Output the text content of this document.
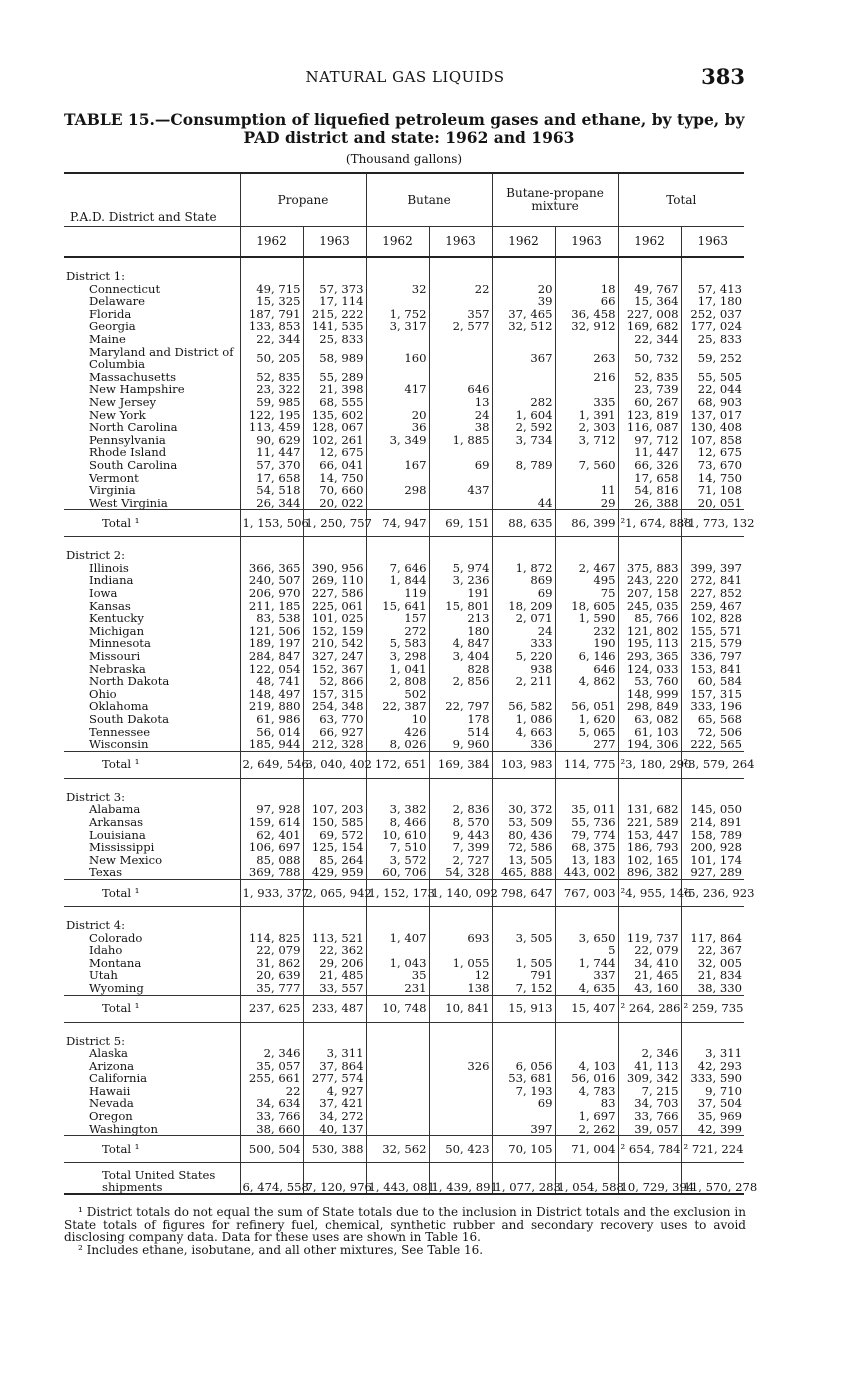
NATURAL GAS LIQUIDS	383
TABLE 15.—Consumption of liquefied petroleum gases and ethane, by type, by
PAD district and state: 1962 and 1963
(Thousand gallons)
P.A.D. District and State	Propane		Butane		Butane-propane mixture		Total	
	1962	1963	1962	1963	1962	1963	1962	1963

District 1:								
Connecticut	49, 715	57, 373	32	22	20	18	49, 767	57, 413
Delaware	15, 325	17, 114			39	66	15, 364	17, 180
Florida	187, 791	215, 222	1, 752	357	37, 465	36, 458	227, 008	252, 037
Georgia	133, 853	141, 535	3, 317	2, 577	32, 512	32, 912	169, 682	177, 024
Maine	22, 344	25, 833					22, 344	25, 833
Maryland and District of Columbia	50, 205	58, 989	160		367	263	50, 732	59, 252
Massachusetts	52, 835	55, 289				216	52, 835	55, 505
New Hampshire	23, 322	21, 398	417	646			23, 739	22, 044
New Jersey	59, 985	68, 555		13	282	335	60, 267	68, 903
New York	122, 195	135, 602	20	24	1, 604	1, 391	123, 819	137, 017
North Carolina	113, 459	128, 067	36	38	2, 592	2, 303	116, 087	130, 408
Pennsylvania	90, 629	102, 261	3, 349	1, 885	3, 734	3, 712	97, 712	107, 858
Rhode Island	11, 447	12, 675					11, 447	12, 675
South Carolina	57, 370	66, 041	167	69	8, 789	7, 560	66, 326	73, 670
Vermont	17, 658	14, 750					17, 658	14, 750
Virginia	54, 518	70, 660	298	437		11	54, 816	71, 108
West Virginia	26, 344	20, 022			44	29	26, 388	20, 051
Total ¹	1, 153, 506	1, 250, 757	74, 947	69, 151	88, 635	86, 399	²1, 674, 888	²1, 773, 132

District 2:								
Illinois	366, 365	390, 956	7, 646	5, 974	1, 872	2, 467	375, 883	399, 397
Indiana	240, 507	269, 110	1, 844	3, 236	869	495	243, 220	272, 841
Iowa	206, 970	227, 586	119	191	69	75	207, 158	227, 852
Kansas	211, 185	225, 061	15, 641	15, 801	18, 209	18, 605	245, 035	259, 467
Kentucky	83, 538	101, 025	157	213	2, 071	1, 590	85, 766	102, 828
Michigan	121, 506	152, 159	272	180	24	232	121, 802	155, 571
Minnesota	189, 197	210, 542	5, 583	4, 847	333	190	195, 113	215, 579
Missouri	284, 847	327, 247	3, 298	3, 404	5, 220	6, 146	293, 365	336, 797
Nebraska	122, 054	152, 367	1, 041	828	938	646	124, 033	153, 841
North Dakota	48, 741	52, 866	2, 808	2, 856	2, 211	4, 862	53, 760	60, 584
Ohio	148, 497	157, 315	502				148, 999	157, 315
Oklahoma	219, 880	254, 348	22, 387	22, 797	56, 582	56, 051	298, 849	333, 196
South Dakota	61, 986	63, 770	10	178	1, 086	1, 620	63, 082	65, 568
Tennessee	56, 014	66, 927	426	514	4, 663	5, 065	61, 103	72, 506
Wisconsin	185, 944	212, 328	8, 026	9, 960	336	277	194, 306	222, 565
Total ¹	2, 649, 546	3, 040, 402	172, 651	169, 384	103, 983	114, 775	²3, 180, 290	²3, 579, 264

District 3:								
Alabama	97, 928	107, 203	3, 382	2, 836	30, 372	35, 011	131, 682	145, 050
Arkansas	159, 614	150, 585	8, 466	8, 570	53, 509	55, 736	221, 589	214, 891
Louisiana	62, 401	69, 572	10, 610	9, 443	80, 436	79, 774	153, 447	158, 789
Mississippi	106, 697	125, 154	7, 510	7, 399	72, 586	68, 375	186, 793	200, 928
New Mexico	85, 088	85, 264	3, 572	2, 727	13, 505	13, 183	102, 165	101, 174
Texas	369, 788	429, 959	60, 706	54, 328	465, 888	443, 002	896, 382	927, 289
Total ¹	1, 933, 377	2, 065, 942	1, 152, 173	1, 140, 092	798, 647	767, 003	²4, 955, 146	²5, 236, 923

District 4:								
Colorado	114, 825	113, 521	1, 407	693	3, 505	3, 650	119, 737	117, 864
Idaho	22, 079	22, 362				5	22, 079	22, 367
Montana	31, 862	29, 206	1, 043	1, 055	1, 505	1, 744	34, 410	32, 005
Utah	20, 639	21, 485	35	12	791	337	21, 465	21, 834
Wyoming	35, 777	33, 557	231	138	7, 152	4, 635	43, 160	38, 330
Total ¹	237, 625	233, 487	10, 748	10, 841	15, 913	15, 407	² 264, 286	² 259, 735

District 5:								
Alaska	2, 346	3, 311					2, 346	3, 311
Arizona	35, 057	37, 864		326	6, 056	4, 103	41, 113	42, 293
California	255, 661	277, 574			53, 681	56, 016	309, 342	333, 590
Hawaii	22	4, 927			7, 193	4, 783	7, 215	9, 710
Nevada	34, 634	37, 421			69	83	34, 703	37, 504
Oregon	33, 766	34, 272				1, 697	33, 766	35, 969
Washington	38, 660	40, 137			397	2, 262	39, 057	42, 399
Total ¹	500, 504	530, 388	32, 562	50, 423	70, 105	71, 004	² 654, 784	² 721, 224
Total United States shipments	6, 474, 558	7, 120, 976	1, 443, 081	1, 439, 891	1, 077, 283	1, 054, 588	10, 729, 394	11, 570, 278

¹ District totals do not equal the sum of State totals due to the inclusion in District totals and the exclusion in State totals of figures for refinery fuel, chemical, synthetic rubber and secondary recovery uses to avoid disclosing company data. Data for these uses are shown in Table 16.

² Includes ethane, isobutane, and all other mixtures, See Table 16.
